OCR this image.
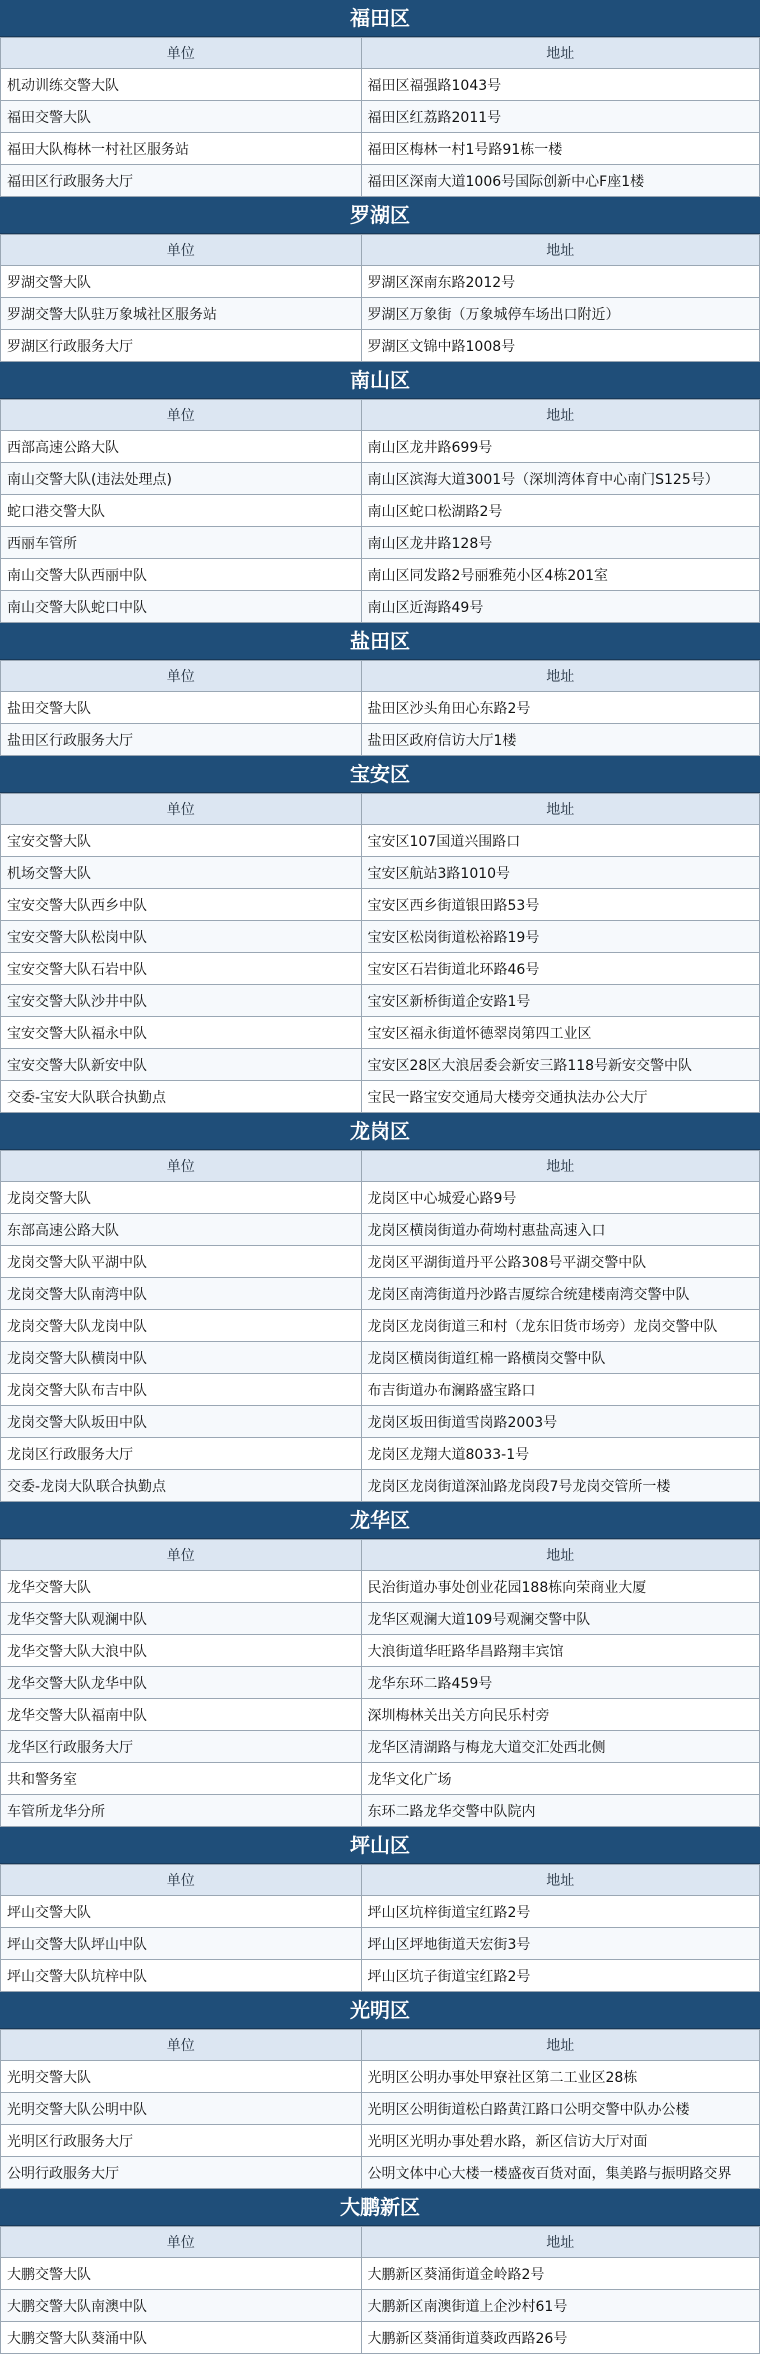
福田区
单位	地址
机动训练交警大队	福田区福强路1043号
福田交警大队	福田区红荔路2011号
福田大队梅林一村社区服务站	福田区梅林一村1号路91栋一楼
福田区行政服务大厅	福田区深南大道1006号国际创新中心F座1楼
罗湖区
单位	地址
罗湖交警大队	罗湖区深南东路2012号
罗湖交警大队驻万象城社区服务站	罗湖区万象街（万象城停车场出口附近）
罗湖区行政服务大厅	罗湖区文锦中路1008号
南山区
单位	地址
西部高速公路大队	南山区龙井路699号
南山交警大队(违法处理点)	南山区滨海大道3001号（深圳湾体育中心南门S125号）
蛇口港交警大队	南山区蛇口松湖路2号
西丽车管所	南山区龙井路128号
南山交警大队西丽中队	南山区同发路2号丽雅苑小区4栋201室
南山交警大队蛇口中队	南山区近海路49号
盐田区
单位	地址
盐田交警大队	盐田区沙头角田心东路2号
盐田区行政服务大厅	盐田区政府信访大厅1楼
宝安区
单位	地址
宝安交警大队	宝安区107国道兴围路口
机场交警大队	宝安区航站3路1010号
宝安交警大队西乡中队	宝安区西乡街道银田路53号
宝安交警大队松岗中队	宝安区松岗街道松裕路19号
宝安交警大队石岩中队	宝安区石岩街道北环路46号
宝安交警大队沙井中队	宝安区新桥街道企安路1号
宝安交警大队福永中队	宝安区福永街道怀德翠岗第四工业区
宝安交警大队新安中队	宝安区28区大浪居委会新安三路118号新安交警中队
交委-宝安大队联合执勤点	宝民一路宝安交通局大楼旁交通执法办公大厅
龙岗区
单位	地址
龙岗交警大队	龙岗区中心城爱心路9号
东部高速公路大队	龙岗区横岗街道办荷坳村惠盐高速入口
龙岗交警大队平湖中队	龙岗区平湖街道丹平公路308号平湖交警中队
龙岗交警大队南湾中队	龙岗区南湾街道丹沙路吉厦综合统建楼南湾交警中队
龙岗交警大队龙岗中队	龙岗区龙岗街道三和村（龙东旧货市场旁）龙岗交警中队
龙岗交警大队横岗中队	龙岗区横岗街道红棉一路横岗交警中队
龙岗交警大队布吉中队	布吉街道办布澜路盛宝路口
龙岗交警大队坂田中队	龙岗区坂田街道雪岗路2003号
龙岗区行政服务大厅	龙岗区龙翔大道8033-1号
交委-龙岗大队联合执勤点	龙岗区龙岗街道深汕路龙岗段7号龙岗交管所一楼
龙华区
单位	地址
龙华交警大队	民治街道办事处创业花园188栋向荣商业大厦
龙华交警大队观澜中队	龙华区观澜大道109号观澜交警中队
龙华交警大队大浪中队	大浪街道华旺路华昌路翔丰宾馆
龙华交警大队龙华中队	龙华东环二路459号
龙华交警大队福南中队	深圳梅林关出关方向民乐村旁
龙华区行政服务大厅	龙华区清湖路与梅龙大道交汇处西北侧
共和警务室	龙华文化广场
车管所龙华分所	东环二路龙华交警中队院内
坪山区
单位	地址
坪山交警大队	坪山区坑梓街道宝红路2号
坪山交警大队坪山中队	坪山区坪地街道天宏街3号
坪山交警大队坑梓中队	坪山区坑子街道宝红路2号
光明区
单位	地址
光明交警大队	光明区公明办事处甲寮社区第二工业区28栋
光明交警大队公明中队	光明区公明街道松白路黄江路口公明交警中队办公楼
光明区行政服务大厅	光明区光明办事处碧水路，新区信访大厅对面
公明行政服务大厅	公明文体中心大楼一楼盛夜百货对面，集美路与振明路交界
大鹏新区
单位	地址
大鹏交警大队	大鹏新区葵涌街道金岭路2号
大鹏交警大队南澳中队	大鹏新区南澳街道上企沙村61号
大鹏交警大队葵涌中队	大鹏新区葵涌街道葵政西路26号
